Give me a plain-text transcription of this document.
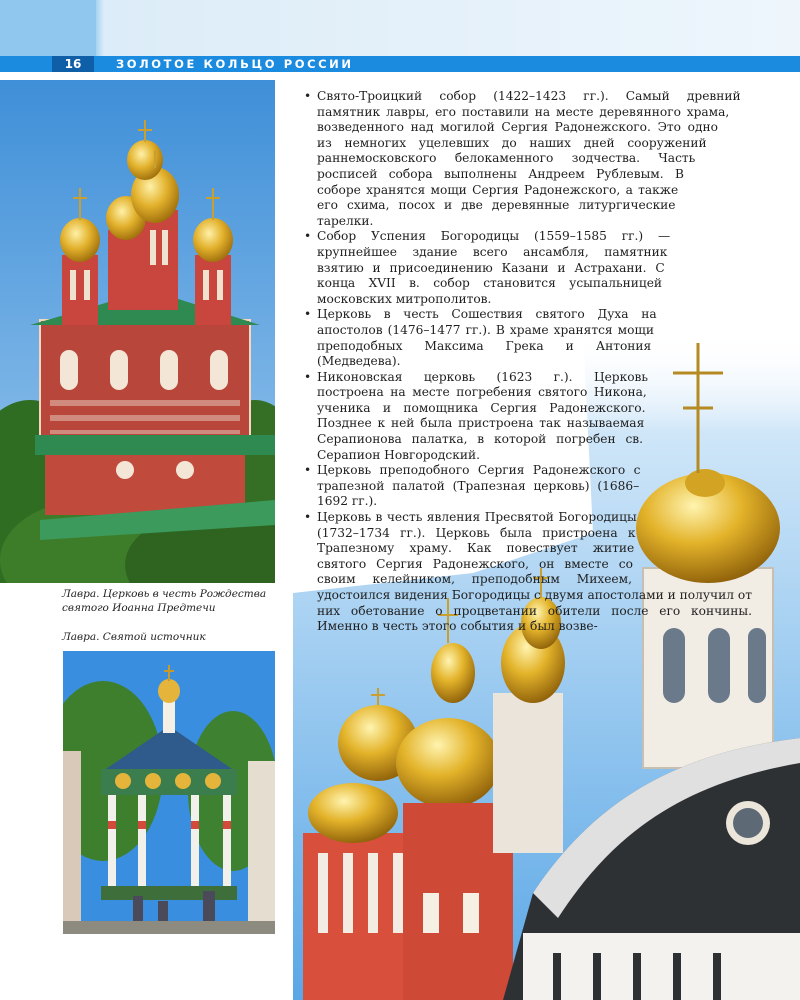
16	ЗОЛОТОЕ КОЛЬЦО РОССИИ
Лавра. Церковь в честь Рождества святого Иоанна Предтечи
Лавра. Святой источник
• Свято-Троицкий собор (1422–1423 гг.). Самый древний памятник лавры, его поставили на месте деревянного храма, возведенного над могилой Сергия Радонежского. Это одно из немногих уцелевших до наших дней сооружений раннемосковского белокаменного зодчества. Часть росписей собора выполнены Андреем Рублевым. В соборе хранятся мощи Сергия Радонежского, а также его схима, посох и две деревянные литургические тарелки.
• Собор Успения Богородицы (1559–1585 гг.) — крупнейшее здание всего ансамбля, памятник взятию и присоединению Казани и Астрахани. С конца XVII в. собор становится усыпальницей московских митрополитов.
• Церковь в честь Сошествия святого Духа на апостолов (1476–1477 гг.). В храме хранятся мощи преподобных Максима Грека и Антония (Медведева).
• Никоновская церковь (1623 г.). Церковь построена на месте погребения святого Никона, ученика и помощника Сергия Радонежского. Позднее к ней была пристроена так называемая Серапионова палатка, в которой погребен св. Серапион Новгородский.
• Церковь преподобного Сергия Радонежского с трапезной палатой (Трапезная церковь) (1686–1692 гг.).
• Церковь в честь явления Пресвятой Богородицы (1732–1734 гг.). Церковь была пристроена к Трапезному храму. Как повествует житие святого Сергия Радонежского, он вместе со своим келейником, преподобным Михеем, удостоился видения Богородицы с двумя апостолами и получил от них обетование о процветании обители после его кончины. Именно в честь этого события и был возве-
